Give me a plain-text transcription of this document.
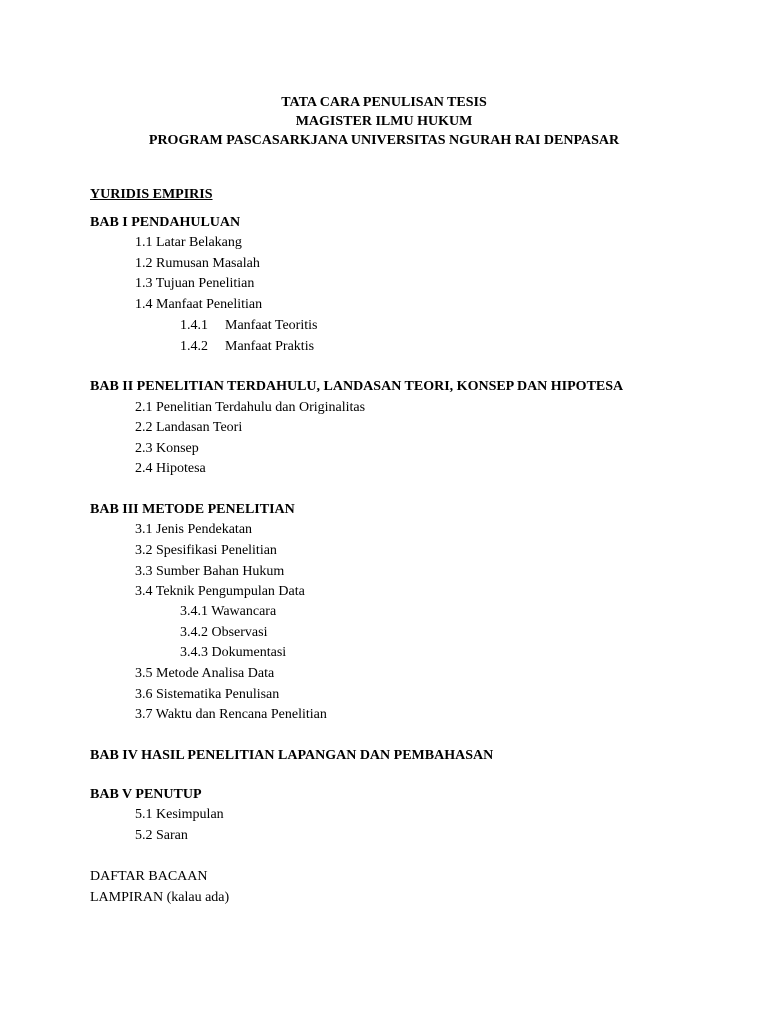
TATA CARA PENULISAN TESIS
MAGISTER ILMU HUKUM
PROGRAM PASCASARKJANA UNIVERSITAS NGURAH RAI DENPASAR
YURIDIS EMPIRIS
BAB I PENDAHULUAN
1.1 Latar Belakang
1.2 Rumusan Masalah
1.3 Tujuan Penelitian
1.4 Manfaat Penelitian
1.4.1 Manfaat Teoritis
1.4.2 Manfaat Praktis
BAB II PENELITIAN TERDAHULU, LANDASAN TEORI, KONSEP DAN HIPOTESA
2.1 Penelitian Terdahulu dan Originalitas
2.2 Landasan Teori
2.3 Konsep
2.4 Hipotesa
BAB III METODE PENELITIAN
3.1 Jenis Pendekatan
3.2 Spesifikasi Penelitian
3.3 Sumber Bahan Hukum
3.4 Teknik Pengumpulan Data
3.4.1 Wawancara
3.4.2 Observasi
3.4.3 Dokumentasi
3.5 Metode Analisa Data
3.6 Sistematika Penulisan
3.7 Waktu dan Rencana Penelitian
BAB IV HASIL PENELITIAN LAPANGAN DAN PEMBAHASAN
BAB V PENUTUP
5.1 Kesimpulan
5.2 Saran
DAFTAR BACAAN
LAMPIRAN (kalau ada)
